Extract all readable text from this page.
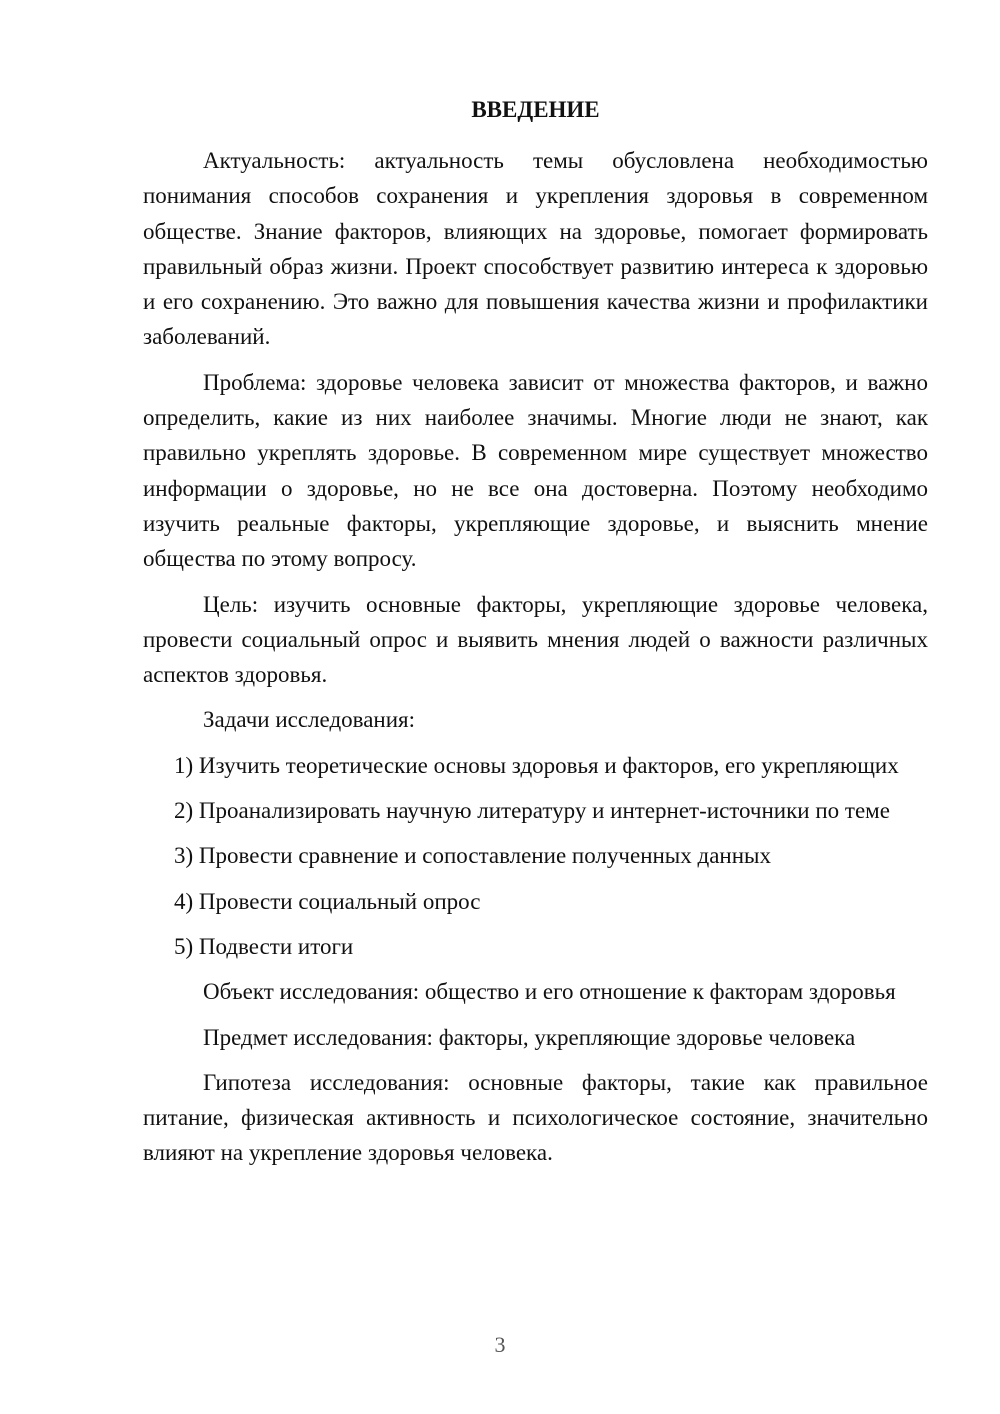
ВВЕДЕНИЕ

Актуальность: актуальность темы обусловлена необходимостью понимания способов сохранения и укрепления здоровья в современном обществе. Знание факторов, влияющих на здоровье, помогает формировать правильный образ жизни. Проект способствует развитию интереса к здоровью и его сохранению. Это важно для повышения качества жизни и профилактики заболеваний.

Проблема: здоровье человека зависит от множества факторов, и важно определить, какие из них наиболее значимы. Многие люди не знают, как правильно укреплять здоровье. В современном мире существует множество информации о здоровье, но не все она достоверна. Поэтому необходимо изучить реальные факторы, укрепляющие здоровье, и выяснить мнение общества по этому вопросу.

Цель: изучить основные факторы, укрепляющие здоровье человека, провести социальный опрос и выявить мнения людей о важности различных аспектов здоровья.

Задачи исследования:

1) Изучить теоретические основы здоровья и факторов, его укрепляющих

2) Проанализировать научную литературу и интернет-источники по теме

3) Провести сравнение и сопоставление полученных данных

4) Провести социальный опрос

5) Подвести итоги

Объект исследования: общество и его отношение к факторам здоровья

Предмет исследования: факторы, укрепляющие здоровье человека

Гипотеза исследования: основные факторы, такие как правильное питание, физическая активность и психологическое состояние, значительно влияют на укрепление здоровья человека.

3
